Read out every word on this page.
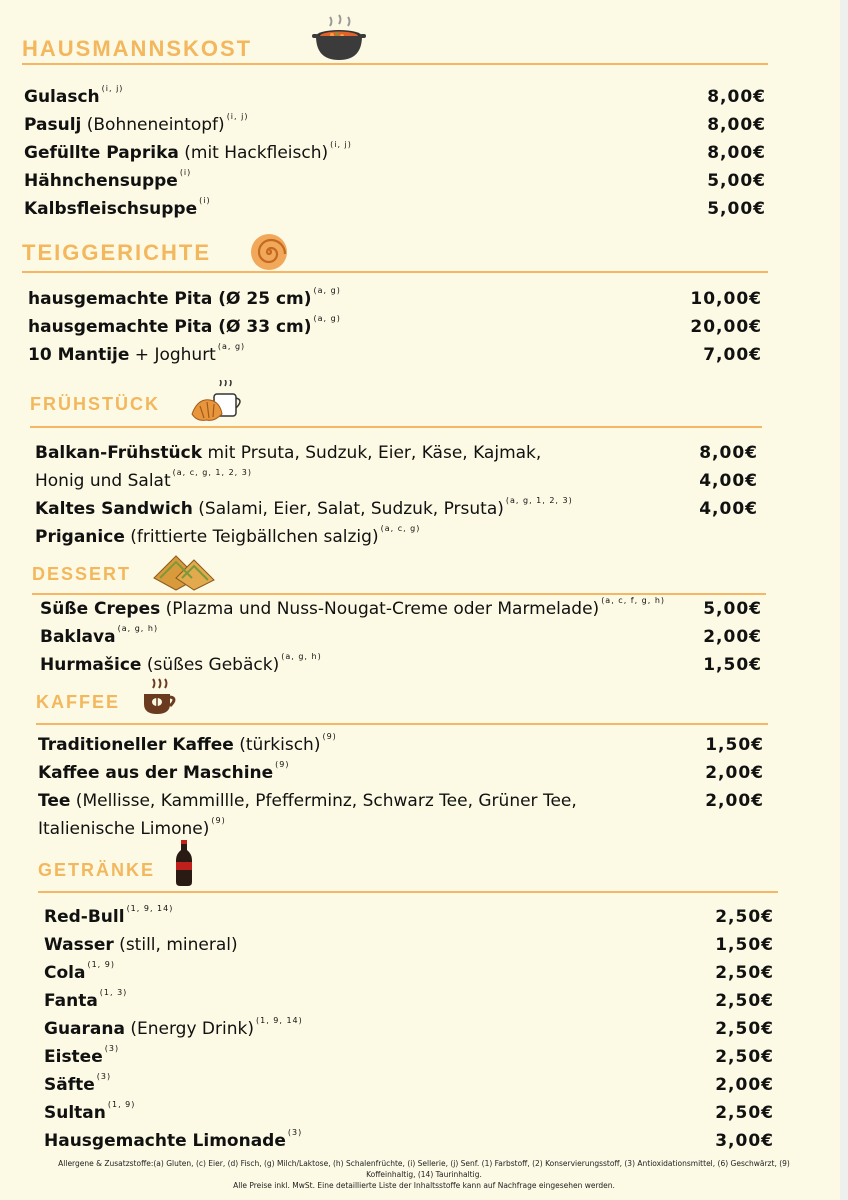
HAUSMANNSKOST
TEIGGERICHTE
FRÜHSTÜCK
DESSERT
KAFFEE
GETRÄNKE
Gulasch $^{(i, j)}$	8,00€
Pasulj (Bohneneintopf) $^{(i, j)}$	8,00€
Gefüllte Paprika (mit Hackfleisch) $^{(i, j)}$	8,00€
Hähnchensuppe $^{(i)}$	5,00€
Kalbsfleischsuppe $^{(i)}$	5,00€
hausgemachte Pita (Ø 25 cm) $^{(a, g)}$	10,00€
hausgemachte Pita (Ø 33 cm) $^{(a, g)}$	20,00€
10 Mantije + Joghurt $^{(a, g)}$	7,00€
Balkan-Frühstück mit Prsuta, Sudzuk, Eier, Käse, Kajmak,	8,00€
Honig und Salat $^{(a, c, g, 1, 2, 3)}$	4,00€
Kaltes Sandwich (Salami, Eier, Salat, Sudzuk, Prsuta) $^{(a, g, 1, 2, 3)}$	4,00€
Priganice (frittierte Teigbällchen salzig) $^{(a, c, g)}$
Süße Crepes (Plazma und Nuss-Nougat-Creme oder Marmelade) $^{(a, c, f, g, h)}$	5,00€
Baklava $^{(a, g, h)}$	2,00€
Hurmašice (süßes Gebäck) $^{(a, g, h)}$	1,50€
Traditioneller Kaffee (türkisch) $^{(9)}$	1,50€
Kaffee aus der Maschine $^{(9)}$	2,00€
Tee (Mellisse, Kammillle, Pfefferminz, Schwarz Tee, Grüner Tee,	2,00€
Italienische Limone) $^{(9)}$
Red-Bull $^{(1, 9, 14)}$	2,50€
Wasser (still, mineral)	1,50€
Cola $^{(1, 9)}$	2,50€
Fanta $^{(1, 3)}$	2,50€
Guarana (Energy Drink) $^{(1, 9, 14)}$	2,50€
Eistee $^{(3)}$	2,50€
Säfte $^{(3)}$	2,00€
Sultan $^{(1, 9)}$	2,50€
Hausgemachte Limonade $^{(3)}$	3,00€
Allergene & Zusatzstoffe:(a) Gluten, (c) Eier, (d) Fisch, (g) Milch/Laktose, (h) Schalenfrüchte, (i) Sellerie, (j) Senf. (1) Farbstoff, (2) Konservierungsstoff, (3) Antioxidationsmittel, (6) Geschwärzt, (9) Koffeinhaltig, (14) Taurinhaltig.
Alle Preise inkl. MwSt. Eine detaillierte Liste der Inhaltsstoffe kann auf Nachfrage eingesehen werden.
